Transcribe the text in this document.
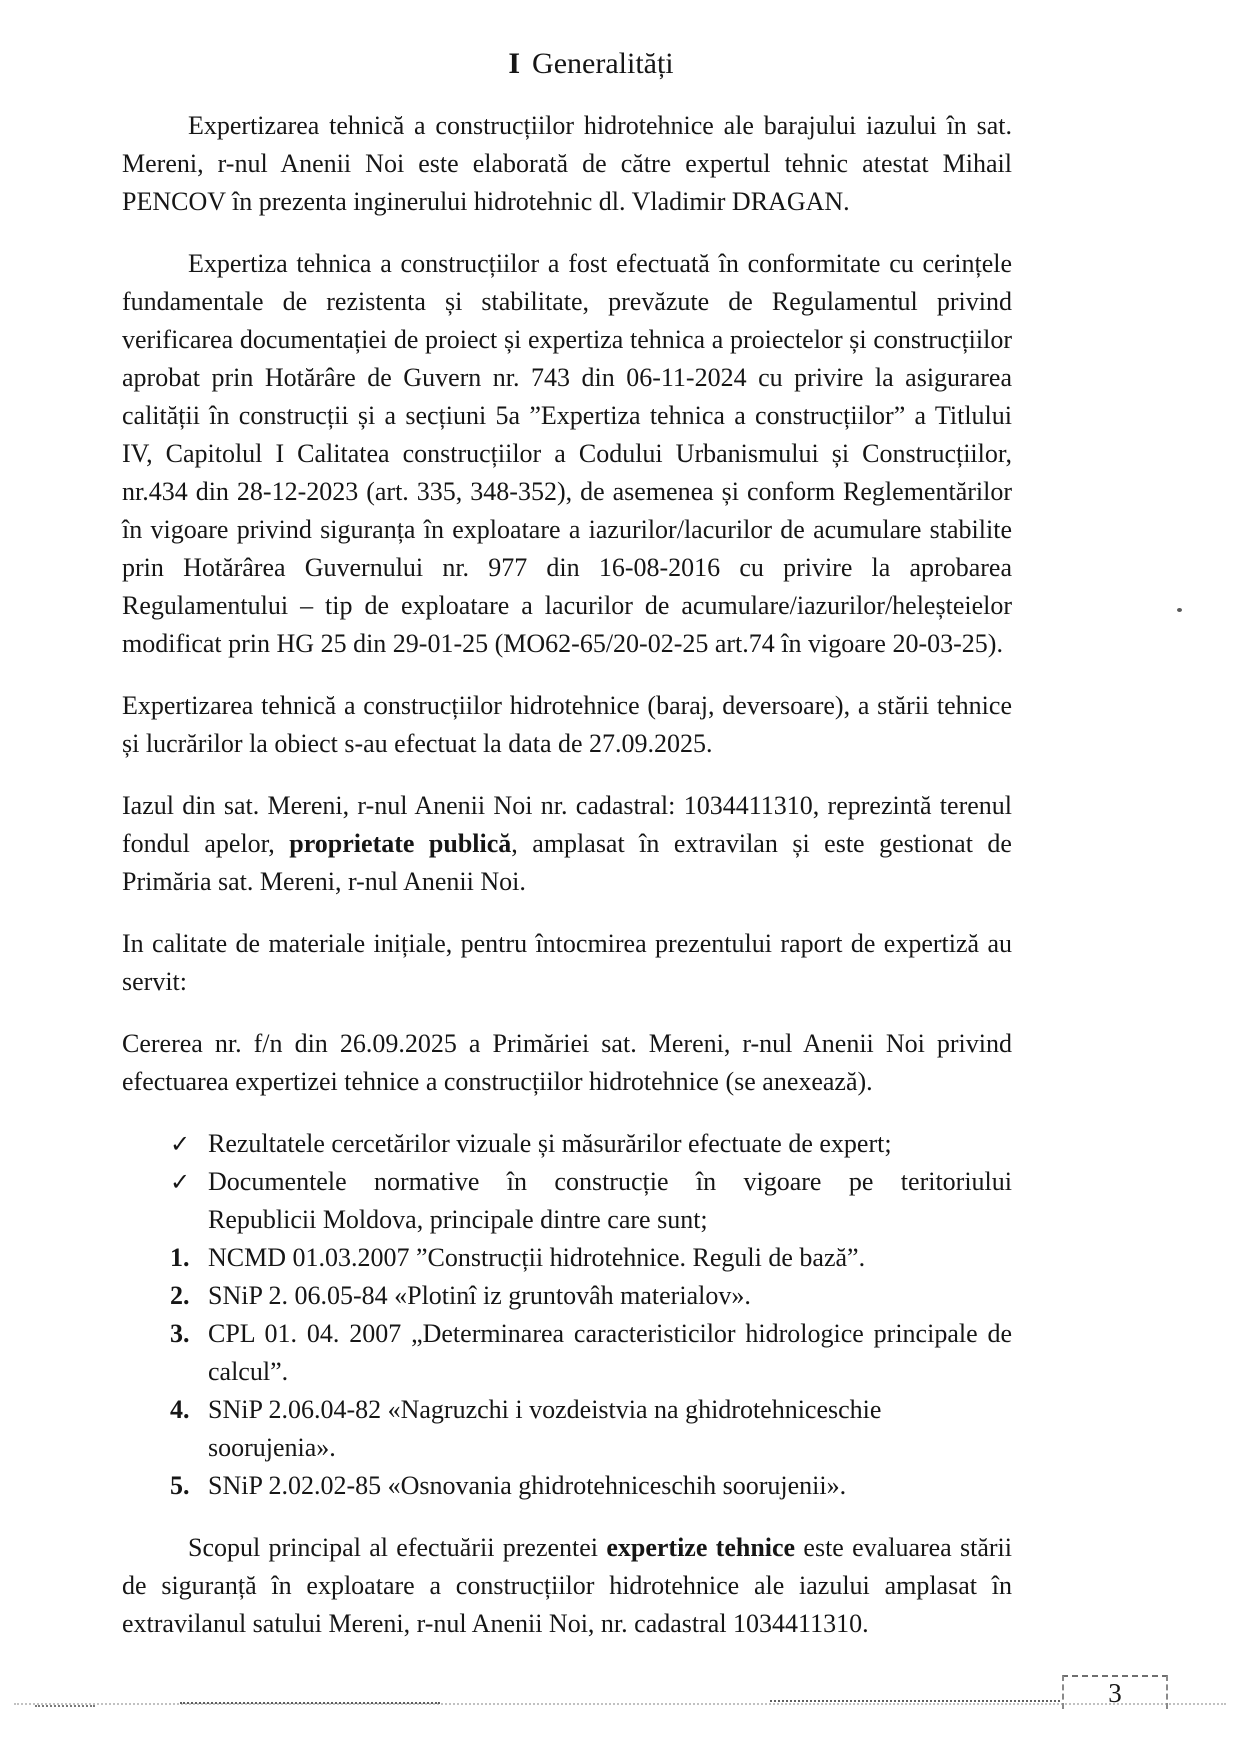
I Generalități
Expertizarea tehnică a construcțiilor hidrotehnice ale barajului iazului în sat.
Mereni, r-nul Anenii Noi este elaborată de către expertul tehnic atestat Mihail
PENCOV în prezenta inginerului hidrotehnic dl. Vladimir DRAGAN.
Expertiza tehnica a construcțiilor a fost efectuată în conformitate cu cerințele
fundamentale de rezistenta și stabilitate, prevăzute de Regulamentul privind
verificarea documentației de proiect și expertiza tehnica a proiectelor și construcțiilor
aprobat prin Hotărâre de Guvern nr. 743 din 06-11-2024 cu privire la asigurarea
calității în construcții și a secțiuni 5a ”Expertiza tehnica a construcțiilor” a Titlului
IV, Capitolul I Calitatea construcțiilor a Codului Urbanismului și Construcțiilor,
nr.434 din 28-12-2023 (art. 335, 348-352), de asemenea și conform Reglementărilor
în vigoare privind siguranța în exploatare a iazurilor/lacurilor de acumulare stabilite
prin Hotărârea Guvernului nr. 977 din 16-08-2016 cu privire la aprobarea
Regulamentului – tip de exploatare a lacurilor de acumulare/iazurilor/heleșteielor
modificat prin HG 25 din 29-01-25 (MO62-65/20-02-25 art.74 în vigoare 20-03-25).
Expertizarea tehnică a construcțiilor hidrotehnice (baraj, deversoare), a stării tehnice
și lucrărilor la obiect s-au efectuat la data de 27.09.2025.
Iazul din sat. Mereni, r-nul Anenii Noi nr. cadastral: 1034411310, reprezintă terenul
fondul apelor, proprietate publică, amplasat în extravilan și este gestionat de
Primăria sat. Mereni, r-nul Anenii Noi.
In calitate de materiale inițiale, pentru întocmirea prezentului raport de expertiză au
servit:
Cererea nr. f/n din 26.09.2025 a Primăriei sat. Mereni, r-nul Anenii Noi privind
efectuarea expertizei tehnice a construcțiilor hidrotehnice (se anexează).
✓ Rezultatele cercetărilor vizuale și măsurărilor efectuate de expert;
✓ Documentele normative în construcție în vigoare pe teritoriului
Republicii Moldova, principale dintre care sunt;
1. NCMD 01.03.2007 ”Construcții hidrotehnice. Reguli de bază”.
2. SNiP 2. 06.05-84 «Plotinî iz gruntovâh materialov».
3. CPL 01. 04. 2007 „Determinarea caracteristicilor hidrologice principale de
calcul”.
4. SNiP 2.06.04-82 «Nagruzchi i vozdeistvia na ghidrotehniceschie soorujenia».
5. SNiP 2.02.02-85 «Osnovania ghidrotehniceschih soorujenii».
Scopul principal al efectuării prezentei expertize tehnice este evaluarea stării
de siguranță în exploatare a construcțiilor hidrotehnice ale iazului amplasat în
extravilanul satului Mereni, r-nul Anenii Noi, nr. cadastral 1034411310.
3
